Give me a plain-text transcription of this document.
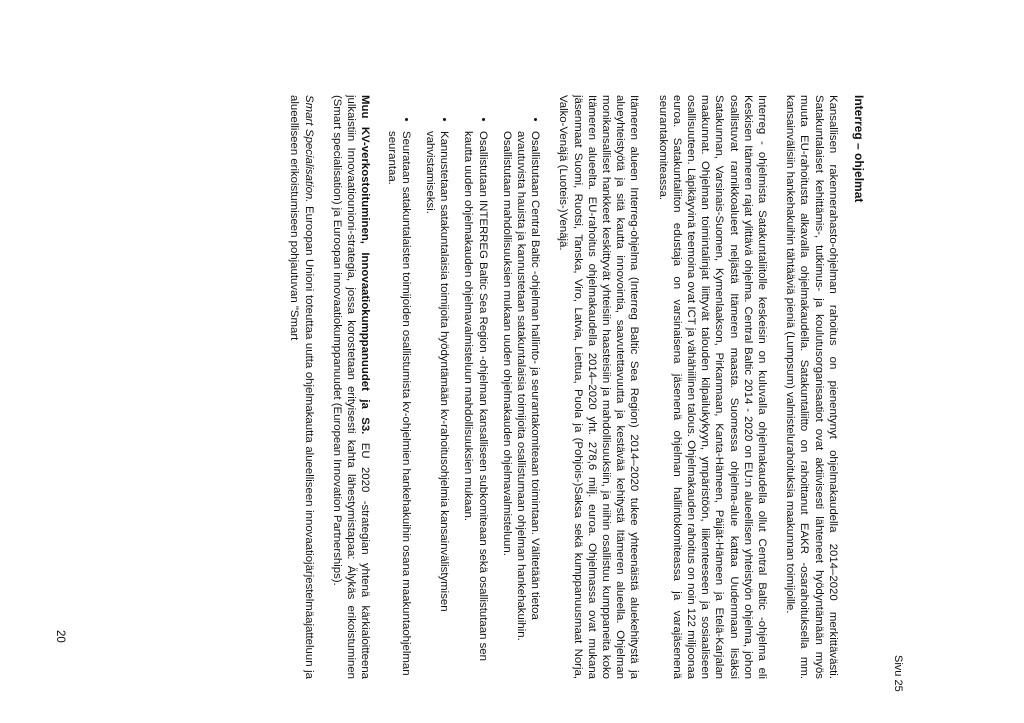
Sivu 25
Interreg – ohjelmat

Kansallisen rakennerahasto-ohjelman rahoitus on pienentynyt ohjelmakaudella 2014–2020 merkittävästi. Satakuntalaiset kehittämis-, tutkimus- ja koulutusorganisaatiot ovat aktiivisesti lähteneet hyödyntämään myös muuta EU-rahoitusta alkavalla ohjelmakaudella. Satakuntaliitto on rahoittanut EAKR -osarahoituksella mm. kansainvälisiin hankehakuihin tähtääviä pieniä (Lumpsum) valmistelurahoituksia maakunnan toimijoille.

Interreg - ohjelmista Satakuntaliitolle keskeisin on kuluvalla ohjelmakaudella ollut Central Baltic -ohjelma eli Keskisen Itämeren rajat ylittävä ohjelma. Central Baltic 2014 - 2020 on EU:n alueellisen yhteistyön ohjelma, johon osallistuvat rannikkoalueet neljästä Itämeren maasta. Suomessa ohjelma-alue kattaa Uudenmaan lisäksi Satakunnan, Varsinais-Suomen, Kymenlaakson, Pirkanmaan, Kanta-Hämeen, Päijät-Hämeen ja Etelä-Karjalan maakunnat. Ohjelman toimintalinjat liittyvät talouden kilpailukykyyn, ympäristöön, liikenteeseen ja sosiaaliseen osallisuuteen. Läpikäyvinä teemoina ovat ICT ja vähähiilinen talous. Ohjelmakauden rahoitus on noin 122 miljoonaa euroa. Satakuntaliiton edustaja on varsinaisena jäsenenä ohjelman hallintokomiteassa ja varajäsenenä seurantakomiteassa.

Itämeren alueen Interreg-ohjelma (Interreg Baltic Sea Region) 2014–2020 tukee yhteenäistä aluekehitystä ja alueyhteistyötä ja sitä kautta innovointia, saavutettavuutta ja kestävää kehitystä Itämeren alueella. Ohjelman monikansalliset hankkeet keskittyvät yhteisiin haasteisiin ja mahdollisuuksiin, ja niihin osallistuu kumppaneita koko Itämeren alueelta. EU-rahoitus ohjelmakaudella 2014–2020 yht. 278,6 milj. euroa. Ohjelmassa ovat mukana jäsenmaat Suomi, Ruotsi, Tanska, Viro, Latvia, Liettua, Puola ja (Pohjois-)Saksa sekä kumppanuusmaat Norja, Valko-Venäjä (Luoteis-)Venäjä.

• Osallistutaan Central Baltic -ohjelman hallinto- ja seurantakomiteaan toimintaan. Välitetään tietoa avautuvista hauista ja kannustetaan satakuntalaisia toimijoita osallistumaan ohjelman hankehakuihin. Osallistutaan mahdollisuuksien mukaan uuden ohjelmakauden ohjelmavalmisteluun.
• Osallistutaan INTERREG Baltic Sea Region -ohjelman kansalliseen subkomiteaan sekä osallistutaan sen kautta uuden ohjelmakauden ohjelmavalmisteluun mahdollisuuksien mukaan.
• Kannustetaan satakuntalaisia toimijoita hyödyntämään kv-rahoitusohjelmia kansainvälistymisen vahvistamiseksi.
• Seurataan satakuntalaisten toimijoiden osallistumista kv-ohjelmien hankehakuihin osana maakuntaohjelman seurantaa.

Muu KV-verkostoituminen, Innovaatiokumppanuudet ja S3. EU 2020 -strategian yhtenä kärkialoitteena julkaistiin Innovaatiounioni-strategia, jossa korostetaan erityisesti kahta lähestymistapaa: Älykäs erikoistuminen (Smart specialisation) ja Euroopan innovaatiokumppanuudet (European Innovation Partnerships).

Smart Specialisation. Euroopan Unioni toteuttaa uutta ohjelmakautta alueelliseen innovaatiojärjestelmäajatteluun ja alueelliseen erikoistumiseen pohjautuvan "Smart

20
